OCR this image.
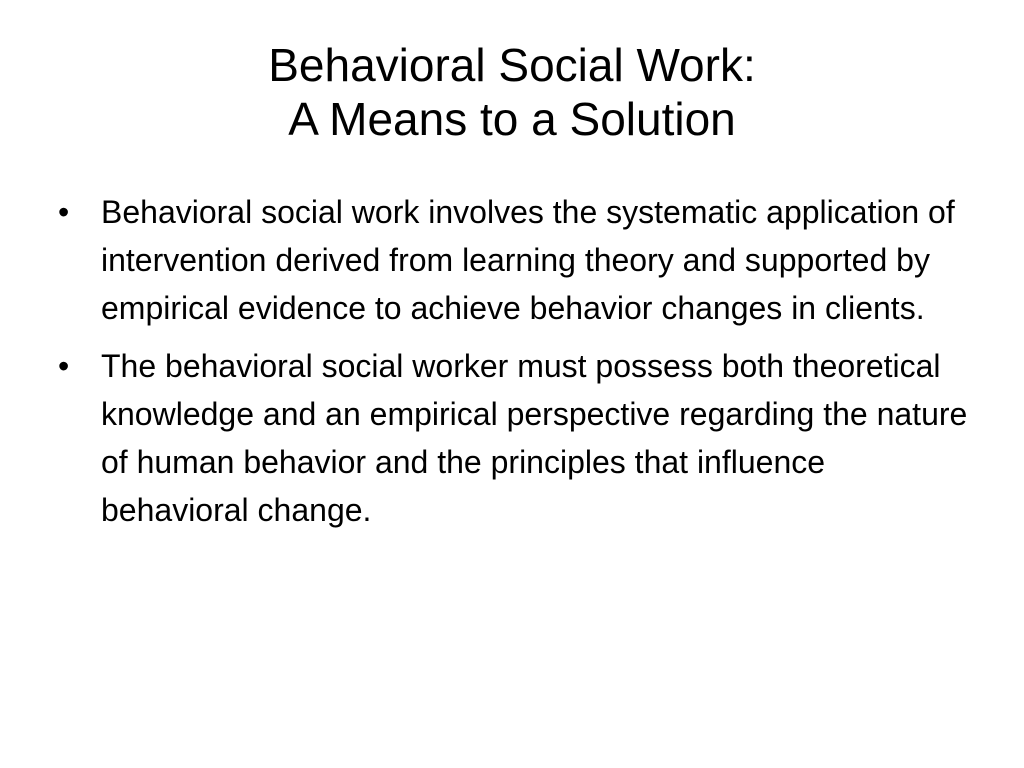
Behavioral Social Work:
A Means to a Solution
• Behavioral social work involves the systematic application of intervention derived from learning theory and supported by empirical evidence to achieve behavior changes in clients.
• The behavioral social worker must possess both theoretical knowledge and an empirical perspective regarding the nature of human behavior and the principles that influence behavioral change.
